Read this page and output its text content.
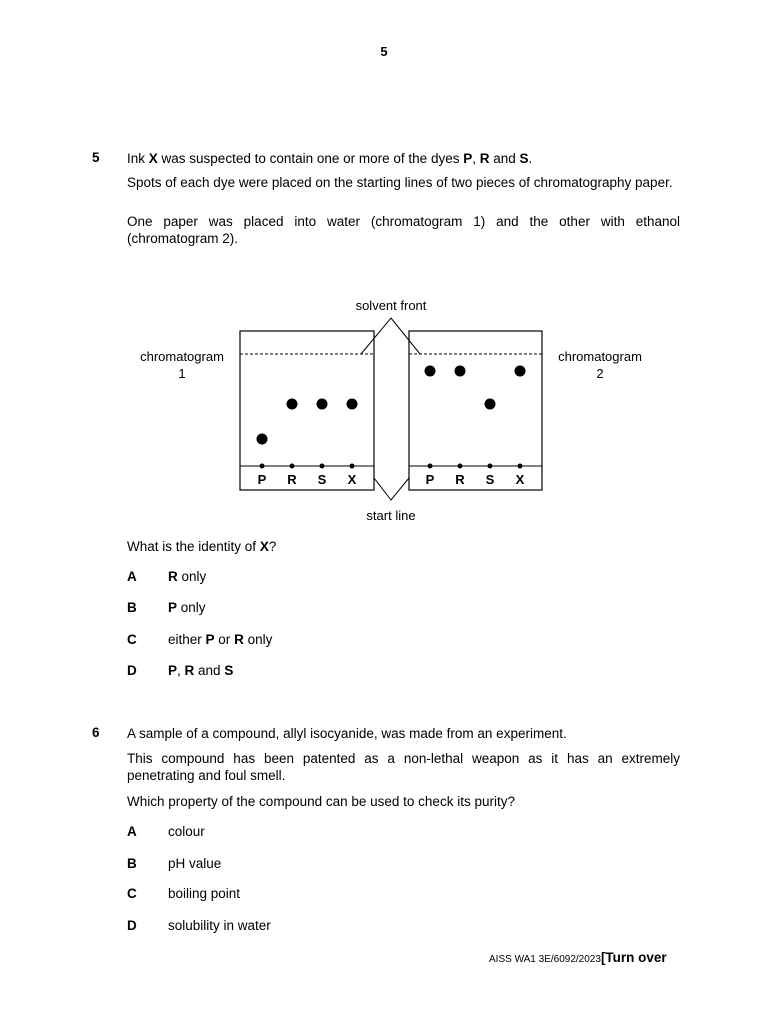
5
5 Ink X was suspected to contain one or more of the dyes P, R and S.
Spots of each dye were placed on the starting lines of two pieces of chromatography paper.
One paper was placed into water (chromatogram 1) and the other with ethanol (chromatogram 2).
solvent front
start line
chromatogram
1
chromatogram
2
P R S X	P R S X
What is the identity of X?
A R only
B P only
C either P or R only
D P, R and S
6 A sample of a compound, allyl isocyanide, was made from an experiment.
This compound has been patented as a non-lethal weapon as it has an extremely penetrating and foul smell.
Which property of the compound can be used to check its purity?
A colour
B pH value
C boiling point
D solubility in water
AISS WA1 3E/6092/2023[Turn over
